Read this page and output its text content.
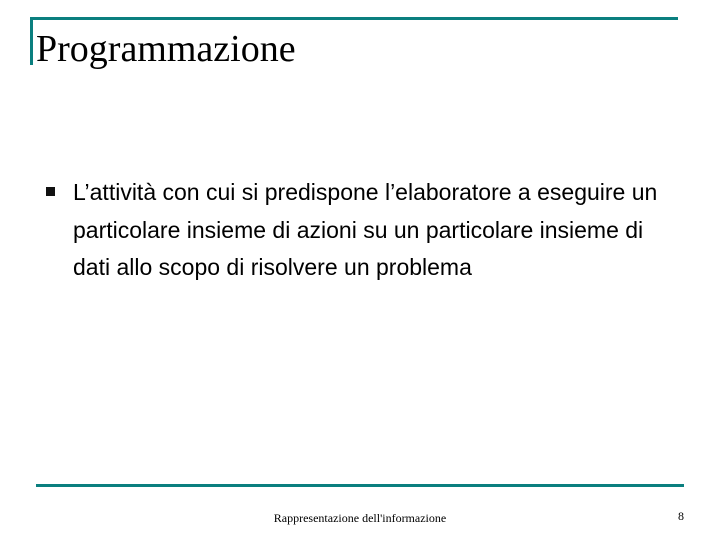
Programmazione
L’attività con cui si predispone l’elaboratore a eseguire un particolare insieme di azioni su un particolare insieme di dati allo scopo di risolvere un problema
Rappresentazione dell'informazione	8
